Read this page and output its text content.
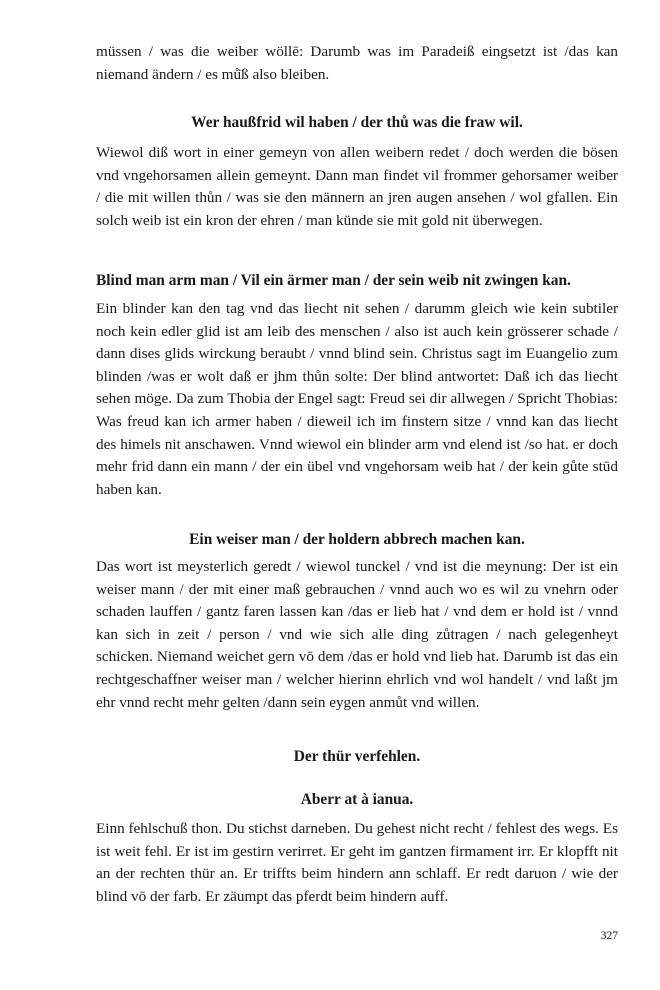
müssen / was die weiber wöllē: Darumb was im Paradeiß eingsetzt ist /das kan niemand ändern / es mů̈ß also bleiben.

Wer haußfrid wil haben / der thů was die fraw wil.

Wiewol diß wort in einer gemeyn von allen weibern redet / doch werden die bösen vnd vngehorsamen allein gemeynt. Dann man findet vil frommer gehorsamer weiber / die mit willen thůn / was sie den männern an jren augen ansehen / wol gfallen. Ein solch weib ist ein kron der ehren / man künde sie mit gold nit überwegen.

Blind man arm man / Vil ein ärmer man / der sein weib nit zwingen kan.

Ein blinder kan den tag vnd das liecht nit sehen / darumm gleich wie kein subtiler noch kein edler glid ist am leib des menschen / also ist auch kein grösserer schade / dann dises glids wirckung beraubt / vnnd blind sein. Christus sagt im Euangelio zum blinden /was er wolt daß er jhm thůn solte: Der blind antwortet: Daß ich das liecht sehen möge. Da zum Thobia der Engel sagt: Freud sei dir allwegen / Spricht Thobias: Was freud kan ich armer haben / dieweil ich im finstern sitze / vnnd kan das liecht des himels nit anschawen. Vnnd wiewol ein blinder arm vnd elend ist /so hat. er doch mehr frid dann ein mann / der ein übel vnd vngehorsam weib hat / der kein gůte stūd haben kan.

Ein weiser man / der holdern abbrech machen kan.

Das wort ist meysterlich geredt / wiewol tunckel / vnd ist die meynung: Der ist ein weiser mann / der mit einer maß gebrauchen / vnnd auch wo es wil zu vnehrn oder schaden lauffen / gantz faren lassen kan /das er lieb hat / vnd dem er hold ist / vnnd kan sich in zeit / person / vnd wie sich alle ding zůtragen / nach gelegenheyt schicken. Niemand weichet gern vō dem /das er hold vnd lieb hat. Darumb ist das ein rechtgeschaffner weiser man / welcher hierinn ehrlich vnd wol handelt / vnd laßt jm ehr vnnd recht mehr gelten /dann sein eygen anmůt vnd willen.

Der thür verfehlen.

Aberr at à ianua.

Einn fehlschuß thon. Du stichst darneben. Du gehest nicht recht / fehlest des wegs. Es ist weit fehl. Er ist im gestirn verirret. Er geht im gantzen firmament irr. Er klopfft nit an der rechten thür an. Er triffts beim hindern ann schlaff. Er redt daruon / wie der blind vō der farb. Er zäumpt das pferdt beim hindern auff.

327
